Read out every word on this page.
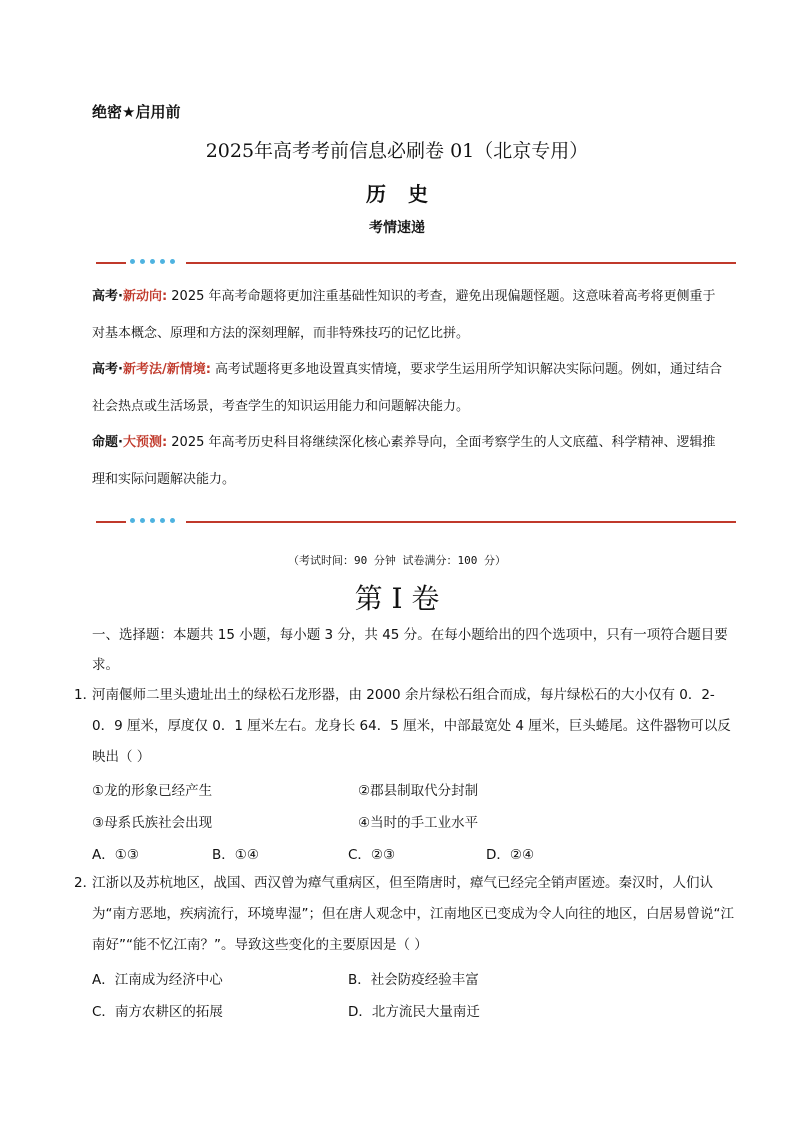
绝密★启用前
2025年高考考前信息必刷卷 01（北京专用）
历史
考情速递
高考·新动向: 2025 年高考命题将更加注重基础性知识的考查，避免出现偏题怪题。这意味着高考将更侧重于对基本概念、原理和方法的深刻理解，而非特殊技巧的记忆比拼。
高考·新考法/新情境: 高考试题将更多地设置真实情境，要求学生运用所学知识解决实际问题。例如，通过结合社会热点或生活场景，考查学生的知识运用能力和问题解决能力。
命题·大预测: 2025 年高考历史科目将继续深化核心素养导向，全面考察学生的人文底蕴、科学精神、逻辑推理和实际问题解决能力。
（考试时间：90 分钟 试卷满分：100 分）
第 I 卷
一、选择题：本题共 15 小题，每小题 3 分，共 45 分。在每小题给出的四个选项中，只有一项符合题目要求。
1．
河南偃师二里头遗址出土的绿松石龙形器，由 2000 余片绿松石组合而成，每片绿松石的大小仅有 0．2-0．9 厘米，厚度仅 0．1 厘米左右。龙身长 64．5 厘米，中部最宽处 4 厘米，巨头蜷尾。这件器物可以反映出（ ）
①龙的形象已经产生	②郡县制取代分封制
③母系氏族社会出现	④当时的手工业水平
A．①③	B．①④	C．②③	D．②④
2．
江浙以及苏杭地区，战国、西汉曾为瘴气重病区，但至隋唐时，瘴气已经完全销声匿迹。秦汉时，人们认为“南方恶地，疾病流行，环境卑湿”；但在唐人观念中，江南地区已变成为令人向往的地区，白居易曾说“江南好”“能不忆江南？”。导致这些变化的主要原因是（ ）
A．江南成为经济中心	B．社会防疫经验丰富
C．南方农耕区的拓展	D．北方流民大量南迁
